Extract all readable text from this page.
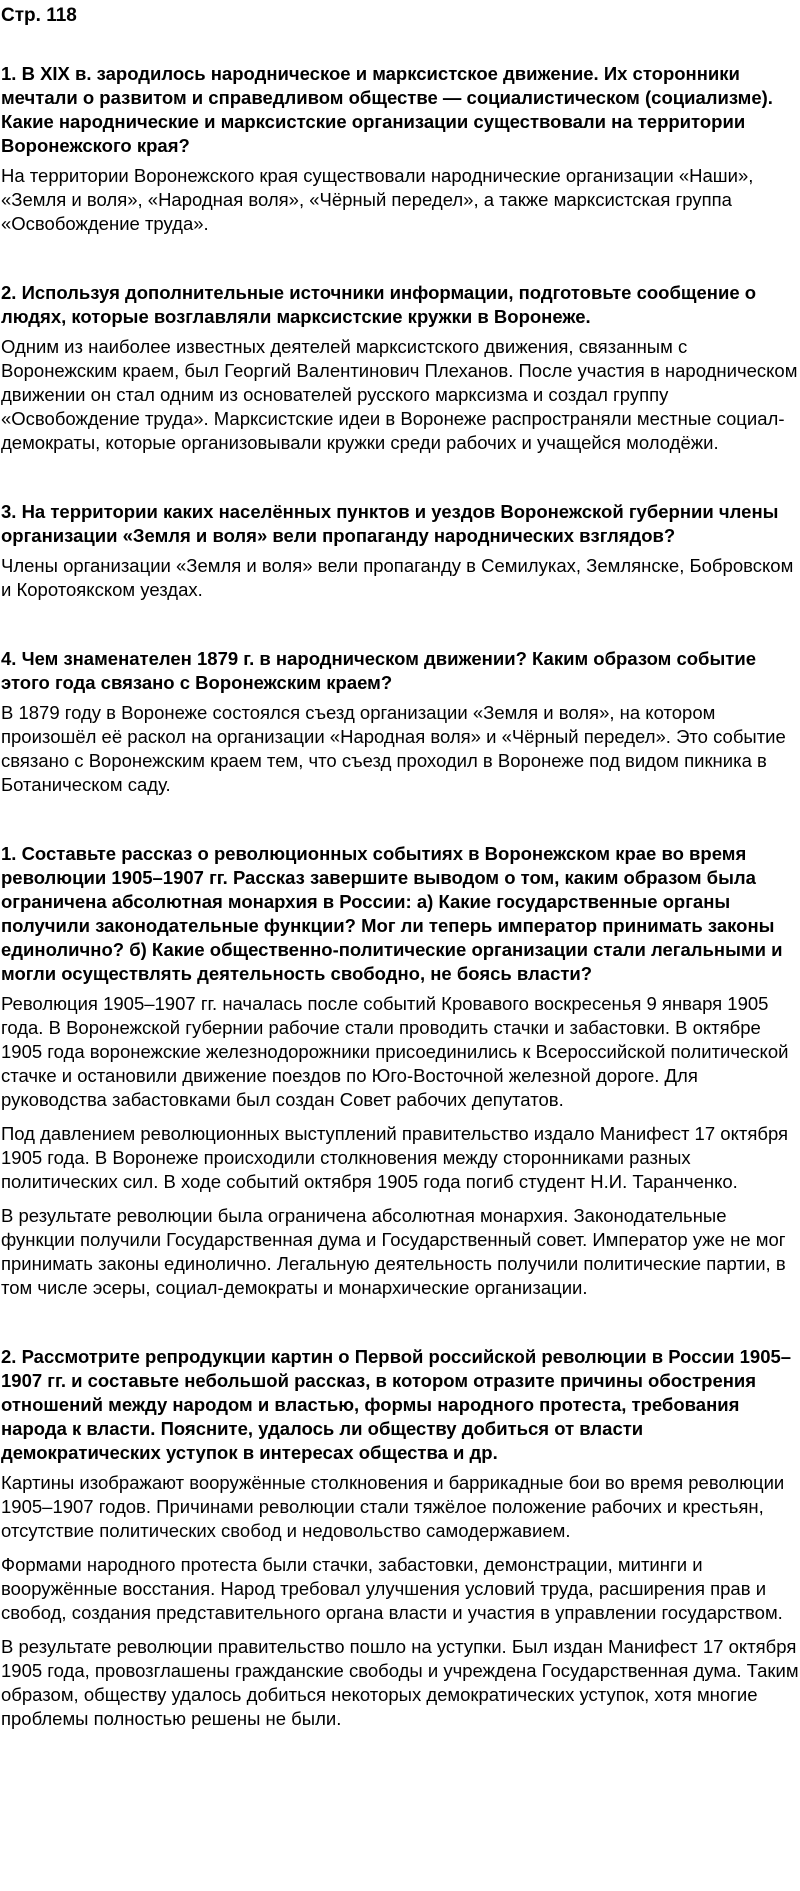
Стр. 118
1. В XIX в. зародилось народническое и марксистское движение. Их сторонники мечтали о развитом и справедливом обществе — социалистическом (социализме). Какие народнические и марксистские организации существовали на территории Воронежского края?

На территории Воронежского края существовали народнические организации «Наши», «Земля и воля», «Народная воля», «Чёрный передел», а также марксистская группа «Освобождение труда».

2. Используя дополнительные источники информации, подготовьте сообщение о людях, которые возглавляли марксистские кружки в Воронеже.

Одним из наиболее известных деятелей марксистского движения, связанным с Воронежским краем, был Георгий Валентинович Плеханов. После участия в народническом движении он стал одним из основателей русского марксизма и создал группу «Освобождение труда». Марксистские идеи в Воронеже распространяли местные социал-демократы, которые организовывали кружки среди рабочих и учащейся молодёжи.

3. На территории каких населённых пунктов и уездов Воронежской губернии члены организации «Земля и воля» вели пропаганду народнических взглядов?

Члены организации «Земля и воля» вели пропаганду в Семилуках, Землянске, Бобровском и Коротоякском уездах.

4. Чем знаменателен 1879 г. в народническом движении? Каким образом событие этого года связано с Воронежским краем?

В 1879 году в Воронеже состоялся съезд организации «Земля и воля», на котором произошёл её раскол на организации «Народная воля» и «Чёрный передел». Это событие связано с Воронежским краем тем, что съезд проходил в Воронеже под видом пикника в Ботаническом саду.

1. Составьте рассказ о революционных событиях в Воронежском крае во время революции 1905–1907 гг. Рассказ завершите выводом о том, каким образом была ограничена абсолютная монархия в России: а) Какие государственные органы получили законодательные функции? Мог ли теперь император принимать законы единолично? б) Какие общественно-политические организации стали легальными и могли осуществлять деятельность свободно, не боясь власти?

Революция 1905–1907 гг. началась после событий Кровавого воскресенья 9 января 1905 года. В Воронежской губернии рабочие стали проводить стачки и забастовки. В октябре 1905 года воронежские железнодорожники присоединились к Всероссийской политической стачке и остановили движение поездов по Юго-Восточной железной дороге. Для руководства забастовками был создан Совет рабочих депутатов.

Под давлением революционных выступлений правительство издало Манифест 17 октября 1905 года. В Воронеже происходили столкновения между сторонниками разных политических сил. В ходе событий октября 1905 года погиб студент Н.И. Таранченко.

В результате революции была ограничена абсолютная монархия. Законодательные функции получили Государственная дума и Государственный совет. Император уже не мог принимать законы единолично. Легальную деятельность получили политические партии, в том числе эсеры, социал-демократы и монархические организации.

2. Рассмотрите репродукции картин о Первой российской революции в России 1905–1907 гг. и составьте небольшой рассказ, в котором отразите причины обострения отношений между народом и властью, формы народного протеста, требования народа к власти. Поясните, удалось ли обществу добиться от власти демократических уступок в интересах общества и др.

Картины изображают вооружённые столкновения и баррикадные бои во время революции 1905–1907 годов. Причинами революции стали тяжёлое положение рабочих и крестьян, отсутствие политических свобод и недовольство самодержавием.

Формами народного протеста были стачки, забастовки, демонстрации, митинги и вооружённые восстания. Народ требовал улучшения условий труда, расширения прав и свобод, создания представительного органа власти и участия в управлении государством.

В результате революции правительство пошло на уступки. Был издан Манифест 17 октября 1905 года, провозглашены гражданские свободы и учреждена Государственная дума. Таким образом, обществу удалось добиться некоторых демократических уступок, хотя многие проблемы полностью решены не были.
